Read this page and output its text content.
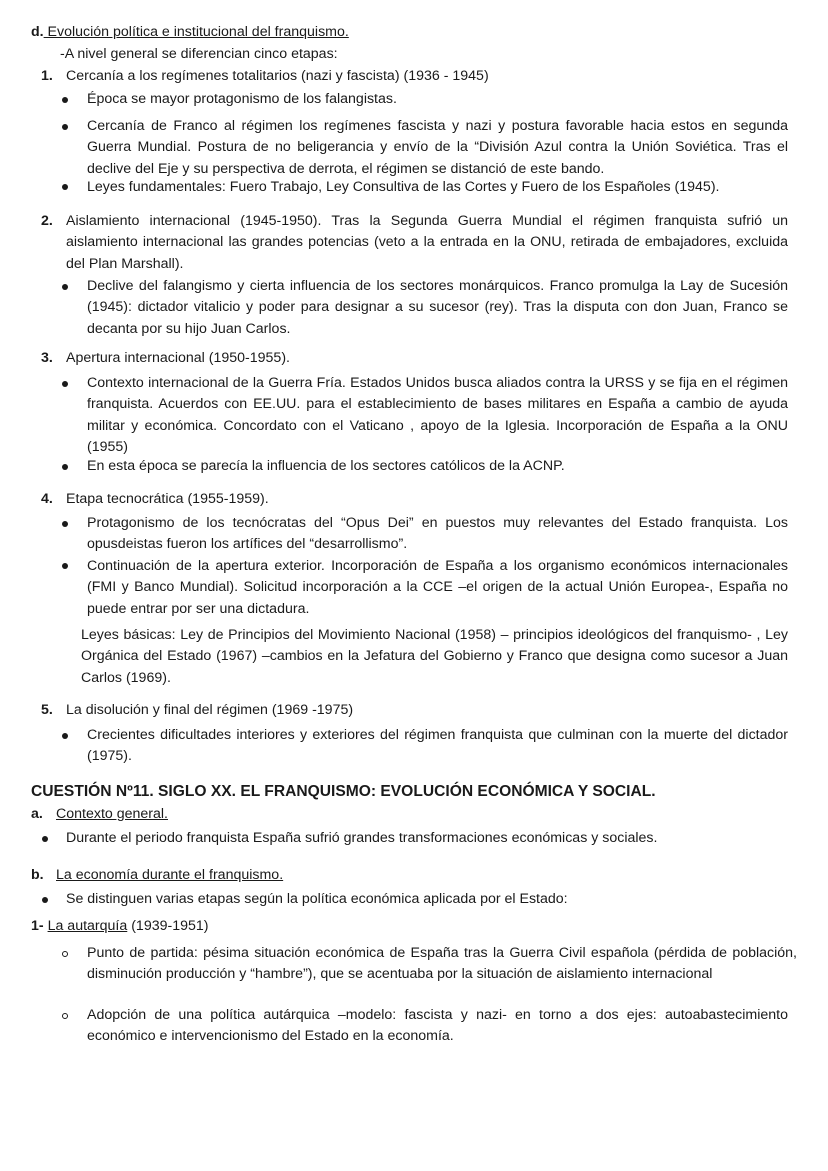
d. Evolución política e institucional del franquismo.
-A nivel general se diferencian cinco etapas:
1. Cercanía a los regímenes totalitarios (nazi y fascista) (1936 - 1945)
Época se mayor protagonismo de los falangistas.
Cercanía de Franco al régimen los regímenes fascista y nazi y postura favorable hacia estos en segunda Guerra Mundial. Postura de no beligerancia y envío de la “División Azul contra la Unión Soviética. Tras el declive del Eje y su perspectiva de derrota, el régimen se distanció de este bando.
Leyes fundamentales: Fuero Trabajo, Ley Consultiva de las Cortes y Fuero de los Españoles (1945).
2. Aislamiento internacional (1945-1950). Tras la Segunda Guerra Mundial el régimen franquista sufrió un aislamiento internacional las grandes potencias (veto a la entrada en la ONU, retirada de embajadores, excluida del Plan Marshall).
Declive del falangismo y cierta influencia de los sectores monárquicos. Franco promulga la Lay de Sucesión (1945): dictador vitalicio y poder para designar a su sucesor (rey). Tras la disputa con don Juan, Franco se decanta por su hijo Juan Carlos.
3. Apertura internacional (1950-1955).
Contexto internacional de la Guerra Fría. Estados Unidos busca aliados contra la URSS y se fija en el régimen franquista. Acuerdos con EE.UU. para el establecimiento de bases militares en España a cambio de ayuda militar y económica. Concordato con el Vaticano , apoyo de la Iglesia. Incorporación de España a la ONU (1955)
En esta época se parecía la influencia de los sectores católicos de la ACNP.
4. Etapa tecnocrática (1955-1959).
Protagonismo de los tecnócratas del “Opus Dei” en puestos muy relevantes del Estado franquista. Los opusdeistas fueron los artífices del “desarrollismo”.
Continuación de la apertura exterior. Incorporación de España a los organismo económicos internacionales (FMI y Banco Mundial). Solicitud incorporación a la CCE –el origen de la actual Unión Europea-, España no puede entrar por ser una dictadura.
Leyes básicas: Ley de Principios del Movimiento Nacional (1958) – principios ideológicos del franquismo- , Ley Orgánica del Estado (1967) –cambios en la Jefatura del Gobierno y Franco que designa como sucesor a Juan Carlos (1969).
5. La disolución y final del régimen (1969 -1975)
Crecientes dificultades interiores y exteriores del régimen franquista que culminan con la muerte del dictador (1975).
CUESTIÓN Nº11. SIGLO XX. EL FRANQUISMO: EVOLUCIÓN ECONÓMICA Y SOCIAL.
a. Contexto general.
Durante el periodo franquista España sufrió grandes transformaciones económicas y sociales.
b. La economía durante el franquismo.
Se distinguen varias etapas según la política económica aplicada por el Estado:
1- La autarquía (1939-1951)
Punto de partida: pésima situación económica de España tras la Guerra Civil española (pérdida de población, disminución producción y “hambre”), que se acentuaba por la situación de aislamiento internacional
Adopción de una política autárquica –modelo: fascista y nazi- en torno a dos ejes: autoabastecimiento económico e intervencionismo del Estado en la economía.
